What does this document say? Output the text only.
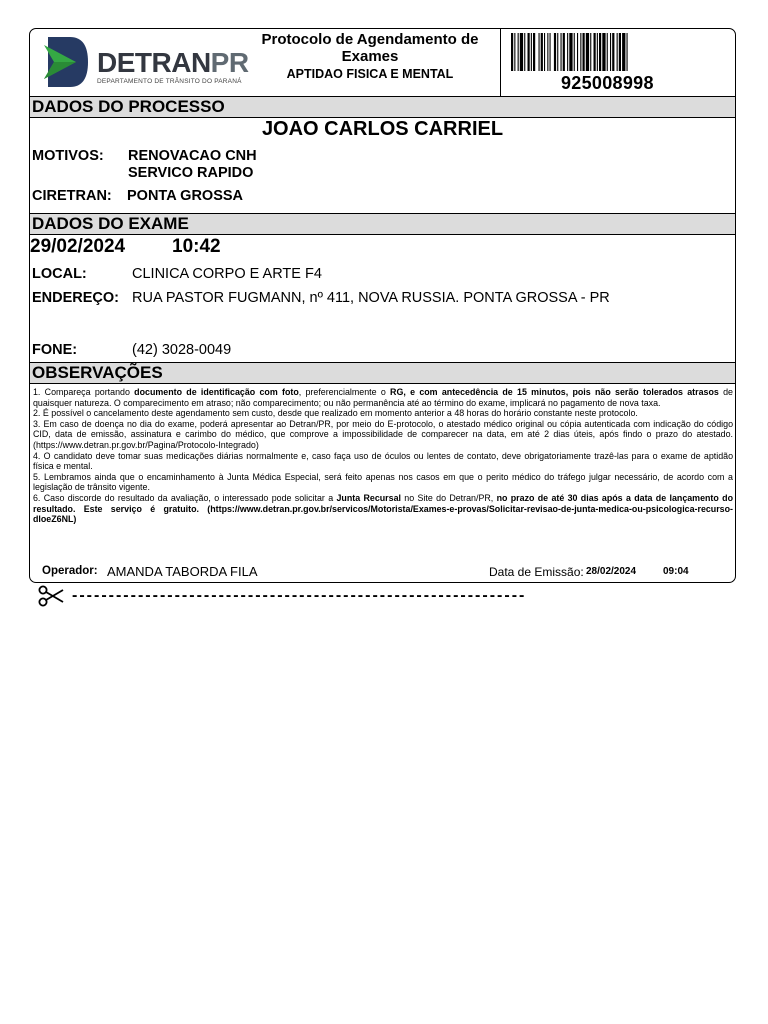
DETRANPR
DEPARTAMENTO DE TRÂNSITO DO PARANÁ
Protocolo de Agendamento de Exames
APTIDAO FISICA E MENTAL	925008998
DADOS DO PROCESSO
JOAO CARLOS CARRIEL
MOTIVOS: RENOVACAO CNH
SERVICO RAPIDO
CIRETRAN: PONTA GROSSA
DADOS DO EXAME
29/02/2024 10:42
LOCAL:	CLINICA CORPO E ARTE F4
ENDEREÇO: RUA PASTOR FUGMANN, nº 411, NOVA RUSSIA. PONTA GROSSA - PR
FONE:	(42) 3028-0049
OBSERVAÇÕES

1. Compareça portando documento de identificação com foto, preferencialmente o RG, e com antecedência de 15 minutos, pois não serão tolerados atrasos de quaisquer natureza. O comparecimento em atraso; não comparecimento; ou não permanência até ao término do exame, implicará no pagamento de nova taxa.

2. É possível o cancelamento deste agendamento sem custo, desde que realizado em momento anterior a 48 horas do horário constante neste protocolo.

3. Em caso de doença no dia do exame, poderá apresentar ao Detran/PR, por meio do E-protocolo, o atestado médico original ou cópia autenticada com indicação do código CID, data de emissão, assinatura e carimbo do médico, que comprove a impossibilidade de comparecer na data, em até 2 dias úteis, após findo o prazo do atestado. (https://www.detran.pr.gov.br/Pagina/Protocolo-Integrado)

4. O candidato deve tomar suas medicações diárias normalmente e, caso faça uso de óculos ou lentes de contato, deve obrigatoriamente trazê-las para o exame de aptidão física e mental.

5. Lembramos ainda que o encaminhamento à Junta Médica Especial, será feito apenas nos casos em que o perito médico do tráfego julgar necessário, de acordo com a legislação de trânsito vigente.

6. Caso discorde do resultado da avaliação, o interessado pode solicitar a Junta Recursal no Site do Detran/PR, no prazo de até 30 dias após a data de lançamento do resultado. Este serviço é gratuito. (https://www.detran.pr.gov.br/servicos/Motorista/Exames-e-provas/Solicitar-revisao-de-junta-medica-ou-psicologica-recurso-dloeZ6NL)

Operador: AMANDA TABORDA FILA	Data de Emissão: 28/02/2024	09:04
--------------------------------------------------------------
